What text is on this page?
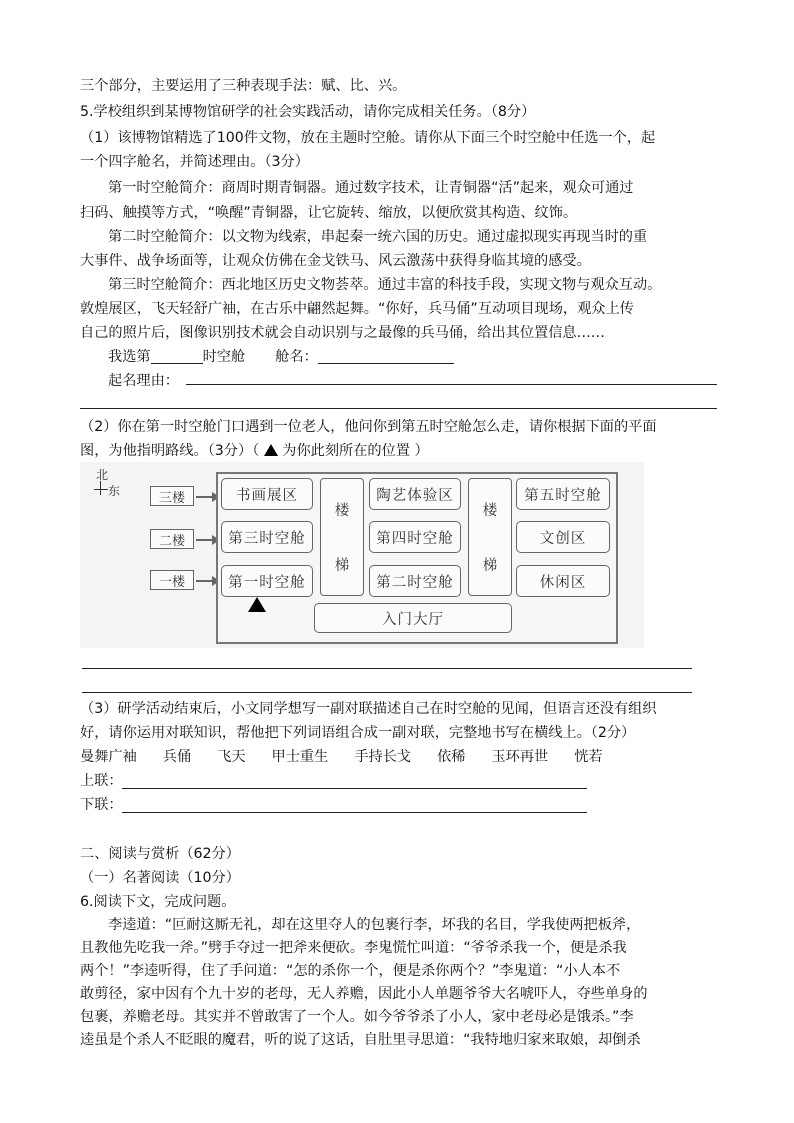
三个部分，主要运用了三种表现手法：赋、比、兴。
5.学校组织到某博物馆研学的社会实践活动，请你完成相关任务。（8分）
（1）该博物馆精选了100件文物，放在主题时空舱。请你从下面三个时空舱中任选一个，起
一个四字舱名，并简述理由。（3分）
第一时空舱简介：商周时期青铜器。通过数字技术，让青铜器“活”起来，观众可通过
扫码、触摸等方式，“唤醒”青铜器，让它旋转、缩放，以便欣赏其构造、纹饰。
第二时空舱简介：以文物为线索，串起秦一统六国的历史。通过虚拟现实再现当时的重
大事件、战争场面等，让观众仿佛在金戈铁马、风云激荡中获得身临其境的感受。
第三时空舱简介：西北地区历史文物荟萃。通过丰富的科技手段，实现文物与观众互动。
敦煌展区，飞天轻舒广袖，在古乐中翩然起舞。“你好，兵马俑”互动项目现场，观众上传
自己的照片后，图像识别技术就会自动识别与之最像的兵马俑，给出其位置信息……
我选第	时空舱 舱名：
起名理由：
（2）你在第一时空舱门口遇到一位老人，他问你到第五时空舱怎么走，请你根据下面的平面
图，为他指明路线。（3分）（ 为你此刻所在的位置 ）
北
东	三楼
二楼
一楼
书画展区
第三时空舱
第一时空舱
楼
梯
陶艺体验区
第四时空舱
第二时空舱
楼
梯
第五时空舱
文创区
休闲区
入门大厅
（3）研学活动结束后，小文同学想写一副对联描述自己在时空舱的见闻，但语言还没有组织
好，请你运用对联知识，帮他把下列词语组合成一副对联，完整地书写在横线上。（2分）
曼舞广袖 兵俑 飞天 甲士重生 手持长戈 依稀 玉环再世 恍若
上联：
下联：
二、阅读与赏析（62分）
（一）名著阅读（10分）
6.阅读下文，完成问题。
李逵道：“叵耐这厮无礼，却在这里夺人的包裹行李，坏我的名目，学我使两把板斧，
且教他先吃我一斧。”劈手夺过一把斧来便砍。李鬼慌忙叫道：“爷爷杀我一个，便是杀我
两个！”李逵听得，住了手问道：“怎的杀你一个，便是杀你两个？”李鬼道：“小人本不
敢剪径，家中因有个九十岁的老母，无人养赡，因此小人单题爷爷大名唬吓人，夺些单身的
包裹，养赡老母。其实并不曾敢害了一个人。如今爷爷杀了小人，家中老母必是饿杀。”李
逵虽是个杀人不眨眼的魔君，听的说了这话，自肚里寻思道：“我特地归家来取娘，却倒杀
